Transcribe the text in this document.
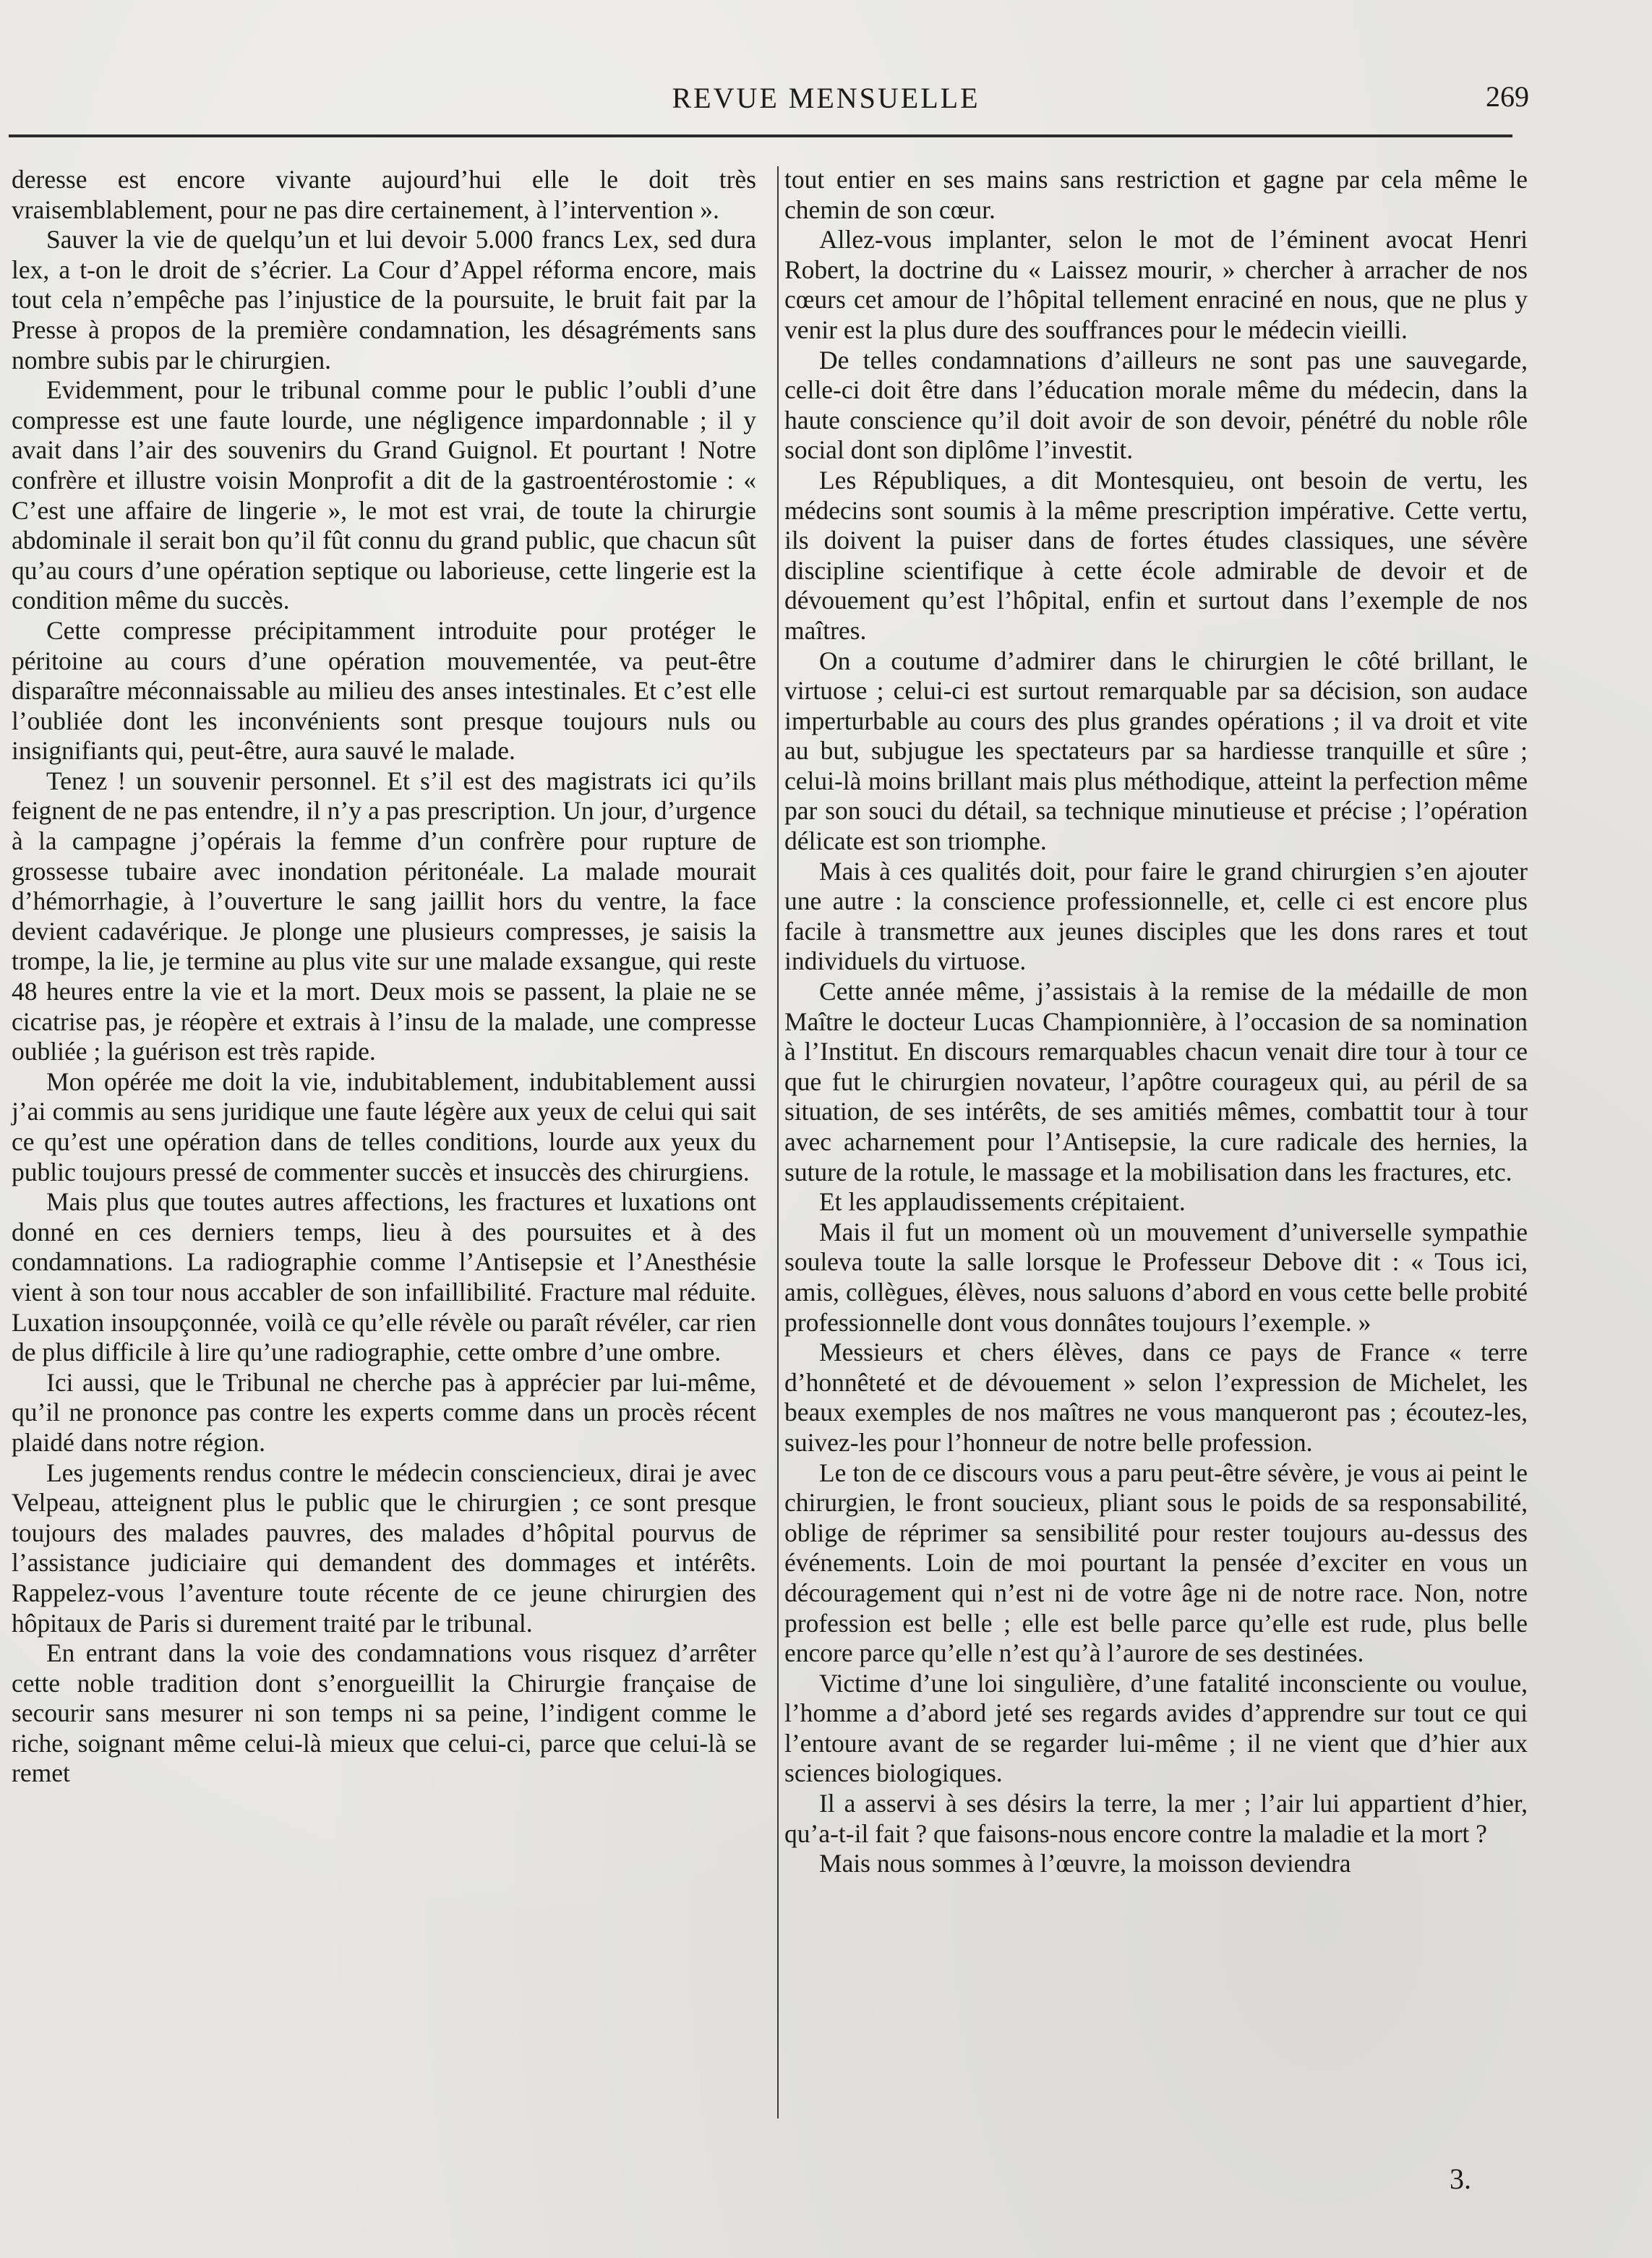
REVUE MENSUELLE	269

deresse est encore vivante aujourd’hui elle le doit très vraisemblablement, pour ne pas dire certainement, à l’intervention ».

Sauver la vie de quelqu’un et lui devoir 5.000 francs Lex, sed dura lex, a t-on le droit de s’écrier. La Cour d’Appel réforma encore, mais tout cela n’empêche pas l’injustice de la poursuite, le bruit fait par la Presse à propos de la première condamnation, les désagréments sans nombre subis par le chirurgien.

Evidemment, pour le tribunal comme pour le public l’oubli d’une compresse est une faute lourde, une négligence impardonnable ; il y avait dans l’air des souvenirs du Grand Guignol. Et pourtant ! Notre confrère et illustre voisin Monprofit a dit de la gastroentérostomie : « C’est une affaire de lingerie », le mot est vrai, de toute la chirurgie abdominale il serait bon qu’il fût connu du grand public, que chacun sût qu’au cours d’une opération septique ou laborieuse, cette lingerie est la condition même du succès.

Cette compresse précipitamment introduite pour protéger le péritoine au cours d’une opération mouvementée, va peut-être disparaître méconnaissable au milieu des anses intestinales. Et c’est elle l’oubliée dont les inconvénients sont presque toujours nuls ou insignifiants qui, peut-être, aura sauvé le malade.

Tenez ! un souvenir personnel. Et s’il est des magistrats ici qu’ils feignent de ne pas entendre, il n’y a pas prescription. Un jour, d’urgence à la campagne j’opérais la femme d’un confrère pour rupture de grossesse tubaire avec inondation péritonéale. La malade mourait d’hémorrhagie, à l’ouverture le sang jaillit hors du ventre, la face devient cadavérique. Je plonge une plusieurs compresses, je saisis la trompe, la lie, je termine au plus vite sur une malade exsangue, qui reste 48 heures entre la vie et la mort. Deux mois se passent, la plaie ne se cicatrise pas, je réopère et extrais à l’insu de la malade, une compresse oubliée ; la guérison est très rapide.

Mon opérée me doit la vie, indubitablement, indubitablement aussi j’ai commis au sens juridique une faute légère aux yeux de celui qui sait ce qu’est une opération dans de telles conditions, lourde aux yeux du public toujours pressé de commenter succès et insuccès des chirurgiens.

Mais plus que toutes autres affections, les fractures et luxations ont donné en ces derniers temps, lieu à des poursuites et à des condamnations. La radiographie comme l’Antisepsie et l’Anesthésie vient à son tour nous accabler de son infaillibilité. Fracture mal réduite. Luxation insoupçonnée, voilà ce qu’elle révèle ou paraît révéler, car rien de plus difficile à lire qu’une radiographie, cette ombre d’une ombre.

Ici aussi, que le Tribunal ne cherche pas à apprécier par lui-même, qu’il ne prononce pas contre les experts comme dans un procès récent plaidé dans notre région.

Les jugements rendus contre le médecin consciencieux, dirai je avec Velpeau, atteignent plus le public que le chirurgien ; ce sont presque toujours des malades pauvres, des malades d’hôpital pourvus de l’assistance judiciaire qui demandent des dommages et intérêts. Rappelez-vous l’aventure toute récente de ce jeune chirurgien des hôpitaux de Paris si durement traité par le tribunal.

En entrant dans la voie des condamnations vous risquez d’arrêter cette noble tradition dont s’enorgueillit la Chirurgie française de secourir sans mesurer ni son temps ni sa peine, l’indigent comme le riche, soignant même celui-là mieux que celui-ci, parce que celui-là se remet

tout entier en ses mains sans restriction et gagne par cela même le chemin de son cœur.

Allez-vous implanter, selon le mot de l’éminent avocat Henri Robert, la doctrine du « Laissez mourir, » chercher à arracher de nos cœurs cet amour de l’hôpital tellement enraciné en nous, que ne plus y venir est la plus dure des souffrances pour le médecin vieilli.

De telles condamnations d’ailleurs ne sont pas une sauvegarde, celle-ci doit être dans l’éducation morale même du médecin, dans la haute conscience qu’il doit avoir de son devoir, pénétré du noble rôle social dont son diplôme l’investit.

Les Républiques, a dit Montesquieu, ont besoin de vertu, les médecins sont soumis à la même prescription impérative. Cette vertu, ils doivent la puiser dans de fortes études classiques, une sévère discipline scientifique à cette école admirable de devoir et de dévouement qu’est l’hôpital, enfin et surtout dans l’exemple de nos maîtres.

On a coutume d’admirer dans le chirurgien le côté brillant, le virtuose ; celui-ci est surtout remarquable par sa décision, son audace imperturbable au cours des plus grandes opérations ; il va droit et vite au but, subjugue les spectateurs par sa hardiesse tranquille et sûre ; celui-là moins brillant mais plus méthodique, atteint la perfection même par son souci du détail, sa technique minutieuse et précise ; l’opération délicate est son triomphe.

Mais à ces qualités doit, pour faire le grand chirurgien s’en ajouter une autre : la conscience professionnelle, et, celle ci est encore plus facile à transmettre aux jeunes disciples que les dons rares et tout individuels du virtuose.

Cette année même, j’assistais à la remise de la médaille de mon Maître le docteur Lucas Championnière, à l’occasion de sa nomination à l’Institut. En discours remarquables chacun venait dire tour à tour ce que fut le chirurgien novateur, l’apôtre courageux qui, au péril de sa situation, de ses intérêts, de ses amitiés mêmes, combattit tour à tour avec acharnement pour l’Antisepsie, la cure radicale des hernies, la suture de la rotule, le massage et la mobilisation dans les fractures, etc.

Et les applaudissements crépitaient.

Mais il fut un moment où un mouvement d’universelle sympathie souleva toute la salle lorsque le Professeur Debove dit : « Tous ici, amis, collègues, élèves, nous saluons d’abord en vous cette belle probité professionnelle dont vous donnâtes toujours l’exemple. »

Messieurs et chers élèves, dans ce pays de France « terre d’honnêteté et de dévouement » selon l’expression de Michelet, les beaux exemples de nos maîtres ne vous manqueront pas ; écoutez-les, suivez-les pour l’honneur de notre belle profession.

Le ton de ce discours vous a paru peut-être sévère, je vous ai peint le chirurgien, le front soucieux, pliant sous le poids de sa responsabilité, oblige de réprimer sa sensibilité pour rester toujours au-dessus des événements. Loin de moi pourtant la pensée d’exciter en vous un découragement qui n’est ni de votre âge ni de notre race. Non, notre profession est belle ; elle est belle parce qu’elle est rude, plus belle encore parce qu’elle n’est qu’à l’aurore de ses destinées.

Victime d’une loi singulière, d’une fatalité inconsciente ou voulue, l’homme a d’abord jeté ses regards avides d’apprendre sur tout ce qui l’entoure avant de se regarder lui-même ; il ne vient que d’hier aux sciences biologiques.

Il a asservi à ses désirs la terre, la mer ; l’air lui appartient d’hier, qu’a-t-il fait ? que faisons-nous encore contre la maladie et la mort ?

Mais nous sommes à l’œuvre, la moisson deviendra

3.
